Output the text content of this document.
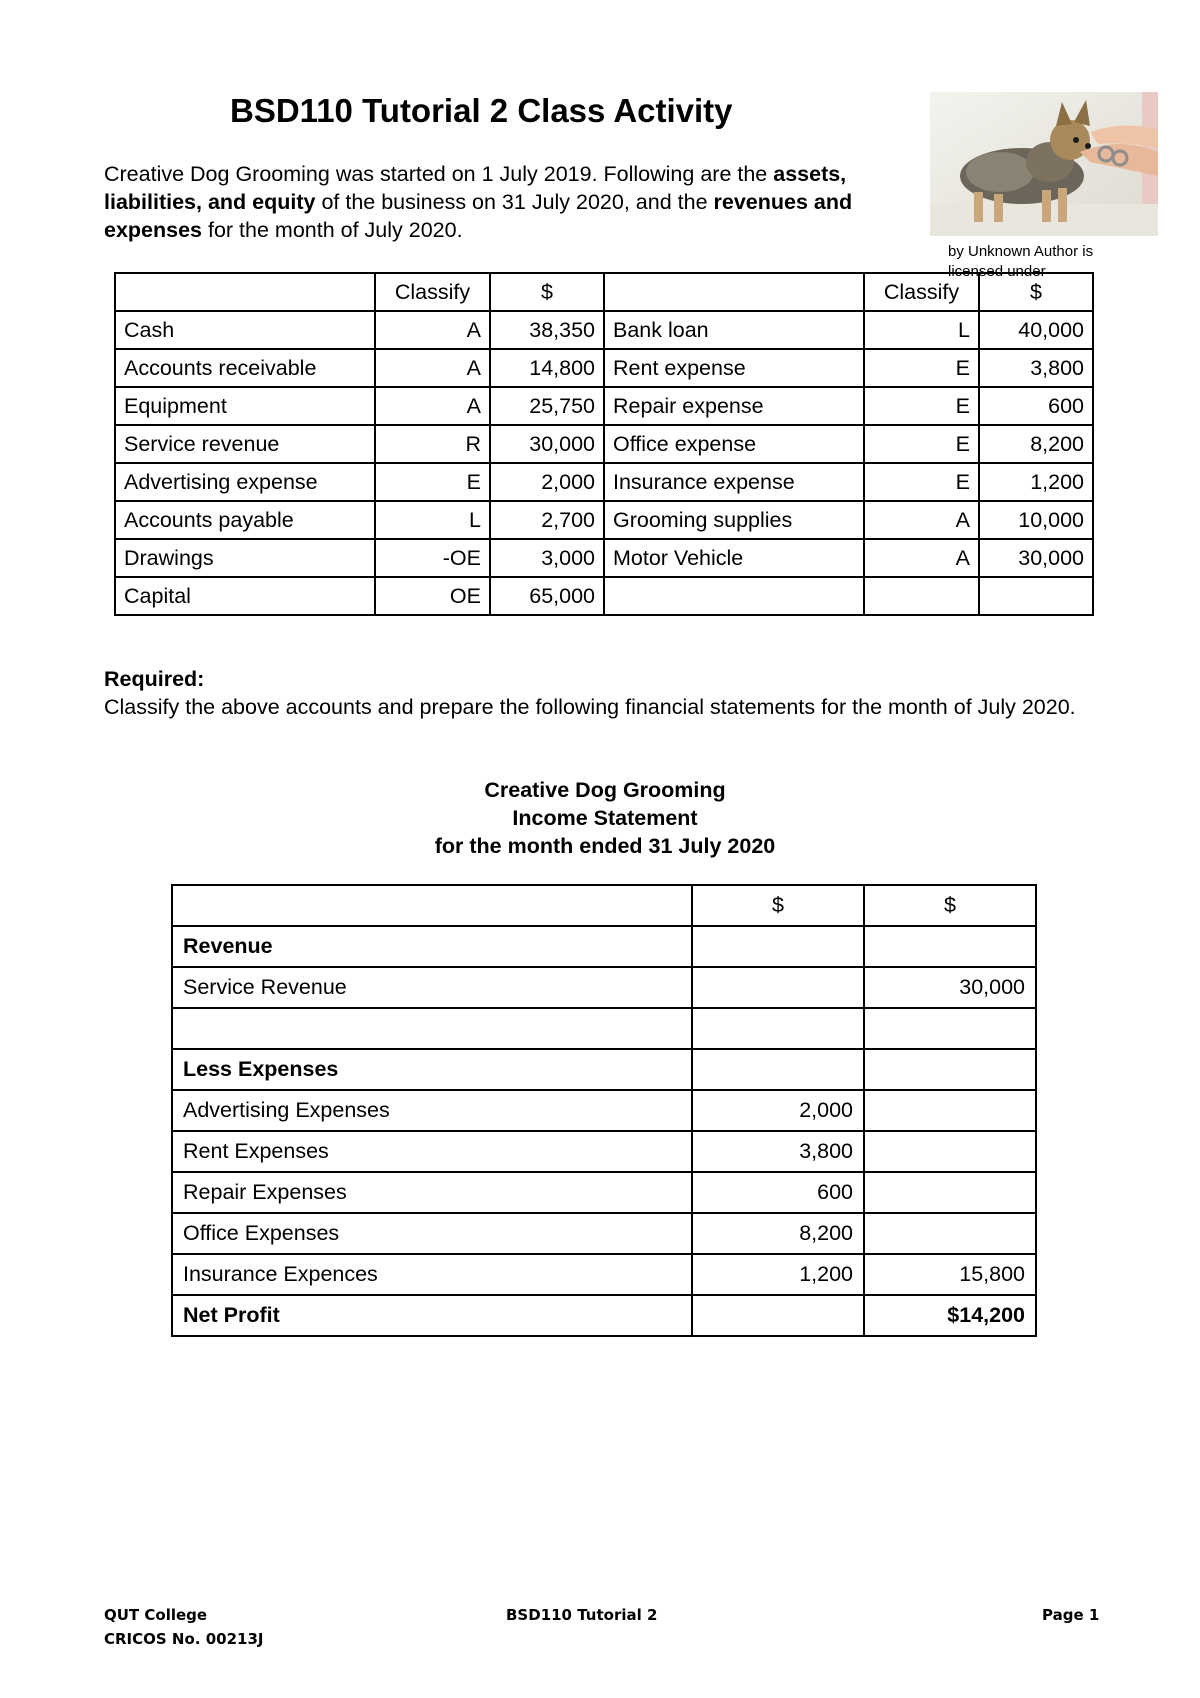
BSD110 Tutorial 2 Class Activity
Creative Dog Grooming was started on 1 July 2019. Following are the assets, liabilities, and equity of the business on 31 July 2020, and the revenues and expenses for the month of July 2020.
by Unknown Author is licensed under
	Classify	$		Classify	$
Cash	A	38,350	Bank loan	L	40,000
Accounts receivable	A	14,800	Rent expense	E	3,800
Equipment	A	25,750	Repair expense	E	600
Service revenue	R	30,000	Office expense	E	8,200
Advertising expense	E	2,000	Insurance expense	E	1,200
Accounts payable	L	2,700	Grooming supplies	A	10,000
Drawings	-OE	3,000	Motor Vehicle	A	30,000
Capital	OE	65,000			
Required:
Classify the above accounts and prepare the following financial statements for the month of July 2020.
Creative Dog Grooming
Income Statement
for the month ended 31 July 2020
	$	$
Revenue		
Service Revenue		30,000

Less Expenses		
Advertising Expenses	2,000	
Rent Expenses	3,800	
Repair Expenses	600	
Office Expenses	8,200	
Insurance Expences	1,200	15,800
Net Profit		$14,200
QUT College
CRICOS No. 00213J
BSD110 Tutorial 2	Page 1
